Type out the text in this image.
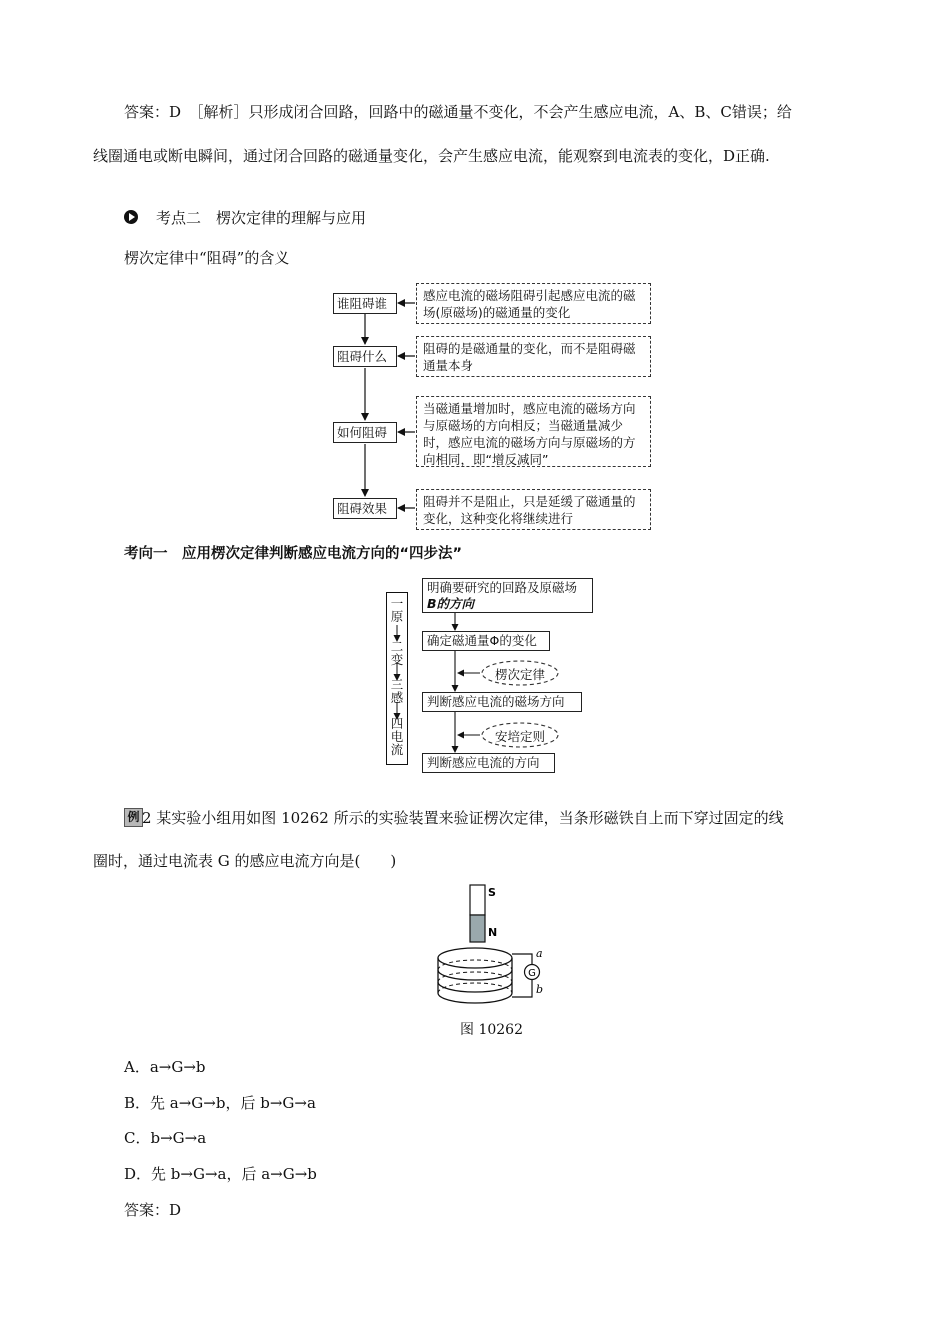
答案：D　［解析］只形成闭合回路，回路中的磁通量不变化，不会产生感应电流，A、B、C错误；给
线圈通电或断电瞬间，通过闭合回路的磁通量变化，会产生感应电流，能观察到电流表的变化，D正确.
考点二　楞次定律的理解与应用
楞次定律中“阻碍”的含义
谁阻碍谁
阻碍什么
如何阻碍
阻碍效果
感应电流的磁场阻碍引起感应电流的磁场(原磁场)的磁通量的变化
阻碍的是磁通量的变化，而不是阻碍磁通量本身
当磁通量增加时，感应电流的磁场方向与原磁场的方向相反；当磁通量减少时，感应电流的磁场方向与原磁场的方向相同，即“增反减同”
阻碍并不是阻止，只是延缓了磁通量的变化，这种变化将继续进行
考向一　应用楞次定律判断感应电流方向的“四步法”
一原
二变
三感
四电流
明确要研究的回路及原磁场
B的方向
确定磁通量Φ的变化
楞次定律
判断感应电流的磁场方向
安培定则
判断感应电流的方向
例 2 某实验小组用如图 10262 所示的实验装置来验证楞次定律，当条形磁铁自上而下穿过固定的线
圈时，通过电流表 G 的感应电流方向是(　　)
S
N
a
b
G
图 10262
A．a→G→b
B．先 a→G→b，后 b→G→a
C．b→G→a
D．先 b→G→a，后 a→G→b
答案：D
